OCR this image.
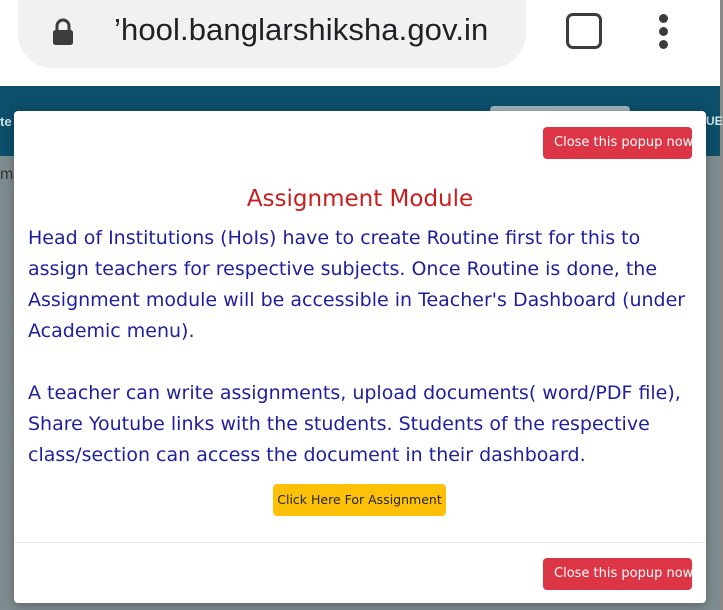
’hool.banglarshiksha.gov.in
te	UE
m
Close this popup now.
Assignment Module

Head of Institutions (HoIs) have to create Routine first for this to assign teachers for respective subjects. Once Routine is done, the Assignment module will be accessible in Teacher's Dashboard (under Academic menu).

A teacher can write assignments, upload documents( word/PDF file), Share Youtube links with the students. Students of the respective class/section can access the document in their dashboard.

Click Here For Assignment
Close this popup now.
